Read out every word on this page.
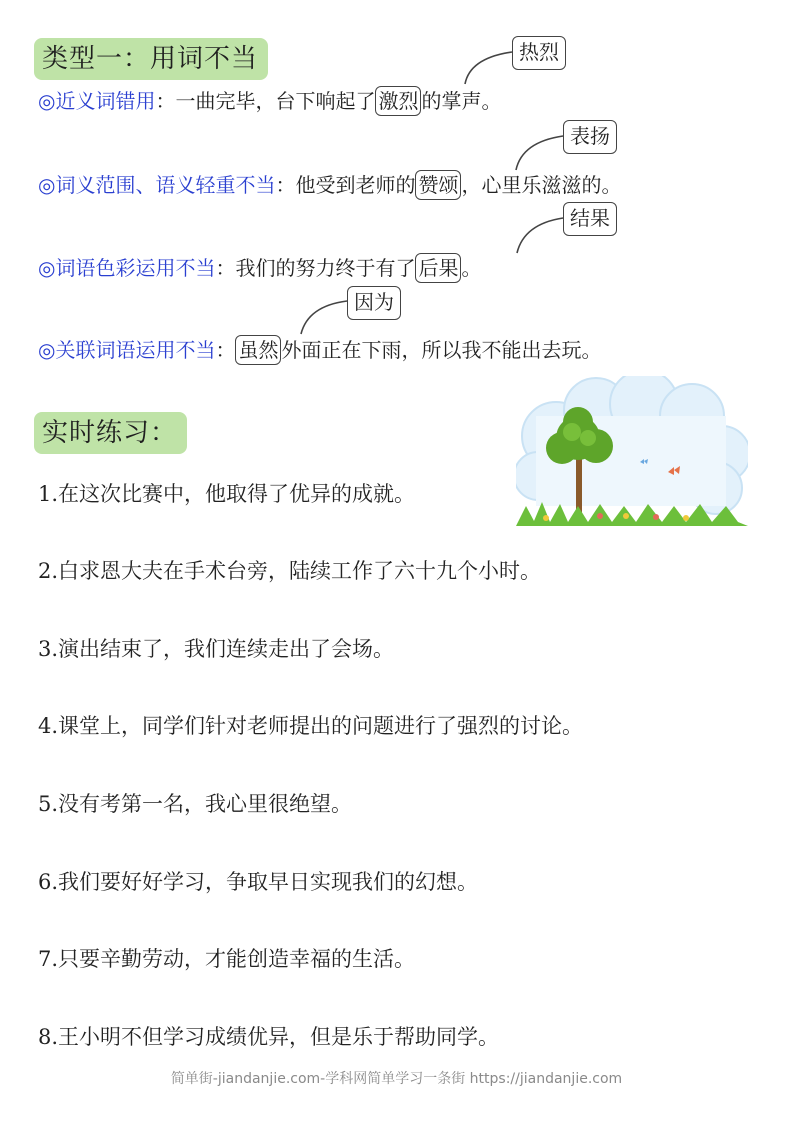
类型一：用词不当	热烈
◎近义词错用：一曲完毕，台下响起了 激烈 的掌声。
表扬
◎词义范围、语义轻重不当：他受到老师的 赞颂 ，心里乐滋滋的。
结果
◎词语色彩运用不当：我们的努力终于有了 后果 。
因为
◎关联词语运用不当： 虽然 外面正在下雨，所以我不能出去玩。
实时练习：
1.在这次比赛中，他取得了优异的成就。
2.白求恩大夫在手术台旁，陆续工作了六十九个小时。
3.演出结束了，我们连续走出了会场。
4.课堂上，同学们针对老师提出的问题进行了强烈的讨论。
5.没有考第一名，我心里很绝望。
6.我们要好好学习，争取早日实现我们的幻想。
7.只要辛勤劳动，才能创造幸福的生活。
8.王小明不但学习成绩优异，但是乐于帮助同学。
简单街-jiandanjie.com-学科网简单学习一条街 https://jiandanjie.com
